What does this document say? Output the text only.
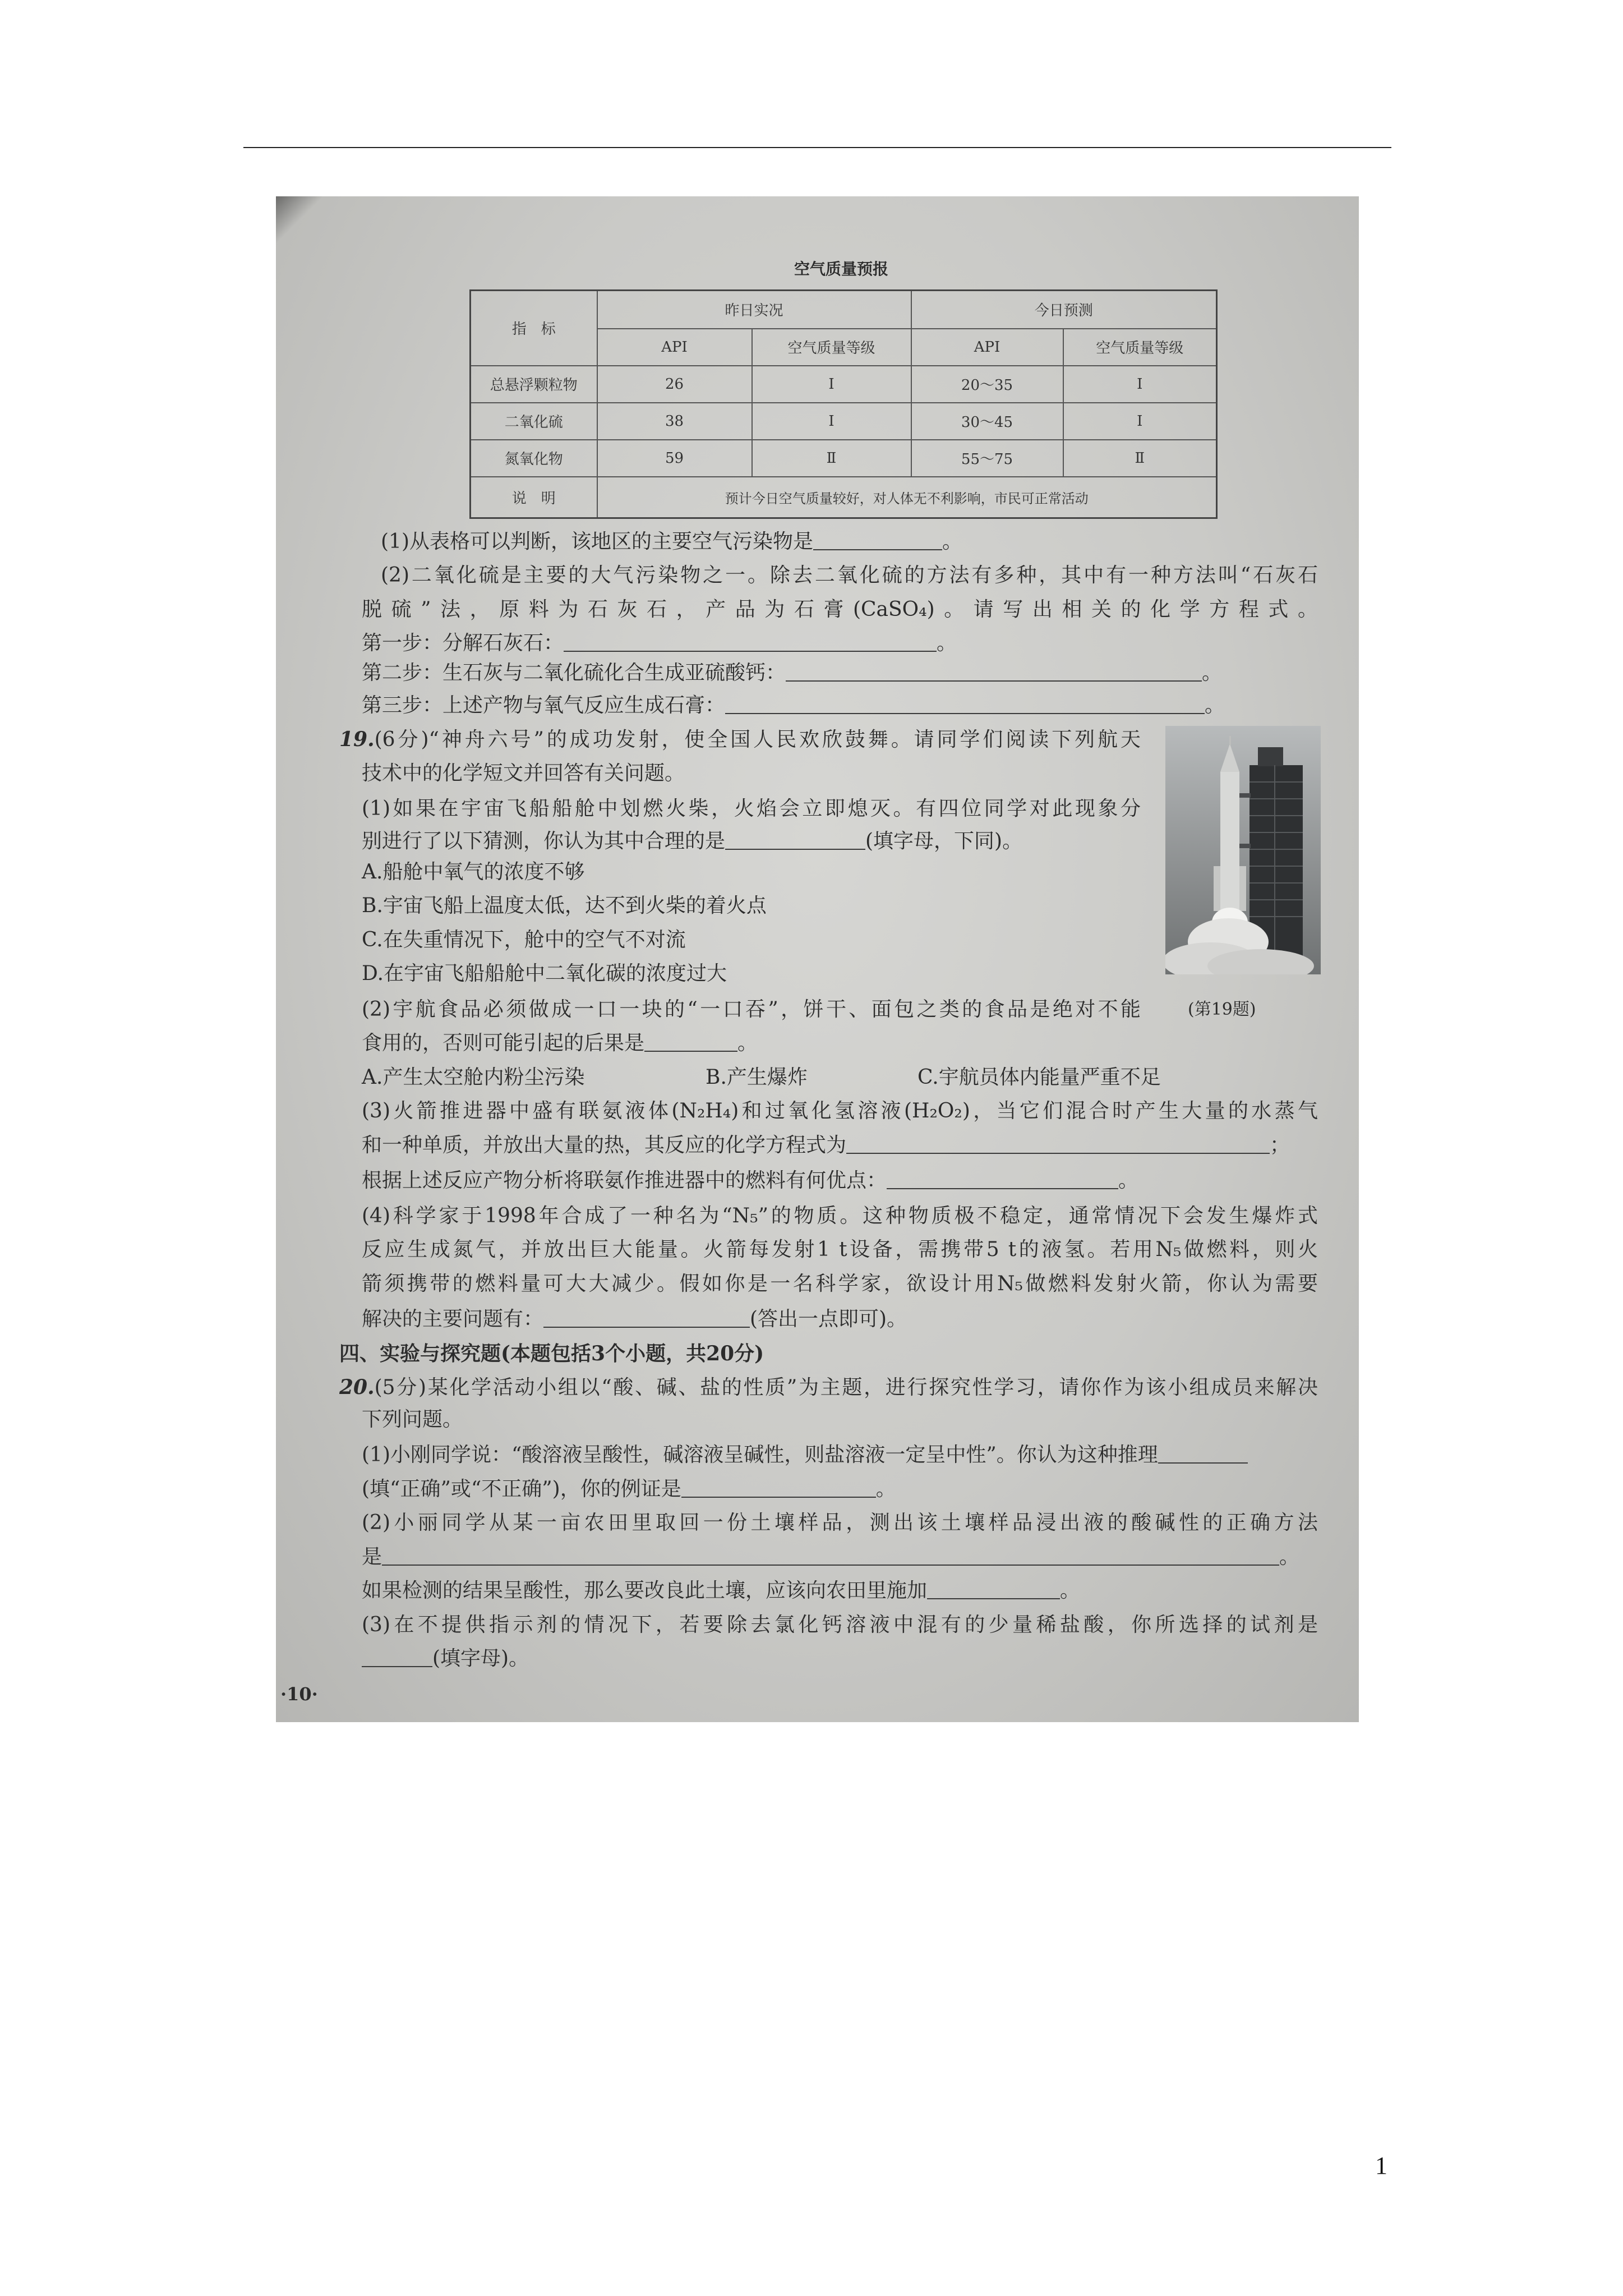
空气质量预报
指　标	昨日实况		今日预测	
	API	空气质量等级	API	空气质量等级
总悬浮颗粒物	26	Ⅰ	20～35	Ⅰ
二氧化硫	38	Ⅰ	30～45	Ⅰ
氮氧化物	59	Ⅱ	55～75	Ⅱ
说　明	预计今日空气质量较好，对人体无不利影响，市民可正常活动			
(1)从表格可以判断，该地区的主要空气污染物是	。
(2)二氧化硫是主要的大气污染物之一。除去二氧化硫的方法有多种，其中有一种方法叫“石灰石
脱硫”法，原料为石灰石，产品为石膏(CaSO₄)。请写出相关的化学方程式。
第一步：分解石灰石：	。
第二步：生石灰与二氧化硫化合生成亚硫酸钙：	。
第三步：上述产物与氧气反应生成石膏：	。
19.(6分)“神舟六号”的成功发射，使全国人民欢欣鼓舞。请同学们阅读下列航天
技术中的化学短文并回答有关问题。
(1)如果在宇宙飞船船舱中划燃火柴，火焰会立即熄灭。有四位同学对此现象分
别进行了以下猜测，你认为其中合理的是	(填字母，下同)。
A.船舱中氧气的浓度不够
B.宇宙飞船上温度太低，达不到火柴的着火点
C.在失重情况下，舱中的空气不对流
D.在宇宙飞船船舱中二氧化碳的浓度过大
(2)宇航食品必须做成一口一块的“一口吞”，饼干、面包之类的食品是绝对不能	(第19题)
食用的，否则可能引起的后果是	。
A.产生太空舱内粉尘污染	B.产生爆炸	C.宇航员体内能量严重不足
(3)火箭推进器中盛有联氨液体(N₂H₄)和过氧化氢溶液(H₂O₂)，当它们混合时产生大量的水蒸气
和一种单质，并放出大量的热，其反应的化学方程式为	；
根据上述反应产物分析将联氨作推进器中的燃料有何优点：	。
(4)科学家于1998年合成了一种名为“N₅”的物质。这种物质极不稳定，通常情况下会发生爆炸式
反应生成氮气，并放出巨大能量。火箭每发射1 t设备，需携带5 t的液氢。若用N₅做燃料，则火
箭须携带的燃料量可大大减少。假如你是一名科学家，欲设计用N₅做燃料发射火箭，你认为需要
解决的主要问题有：	(答出一点即可)。
四、实验与探究题(本题包括3个小题，共20分)
20.(5分)某化学活动小组以“酸、碱、盐的性质”为主题，进行探究性学习，请你作为该小组成员来解决
下列问题。
(1)小刚同学说：“酸溶液呈酸性，碱溶液呈碱性，则盐溶液一定呈中性”。你认为这种推理
(填“正确”或“不正确”)，你的例证是	。
(2)小丽同学从某一亩农田里取回一份土壤样品，测出该土壤样品浸出液的酸碱性的正确方法
是	。
如果检测的结果呈酸性，那么要改良此土壤，应该向农田里施加	。
(3)在不提供指示剂的情况下，若要除去氯化钙溶液中混有的少量稀盐酸，你所选择的试剂是
(填字母)。
·10·
1
